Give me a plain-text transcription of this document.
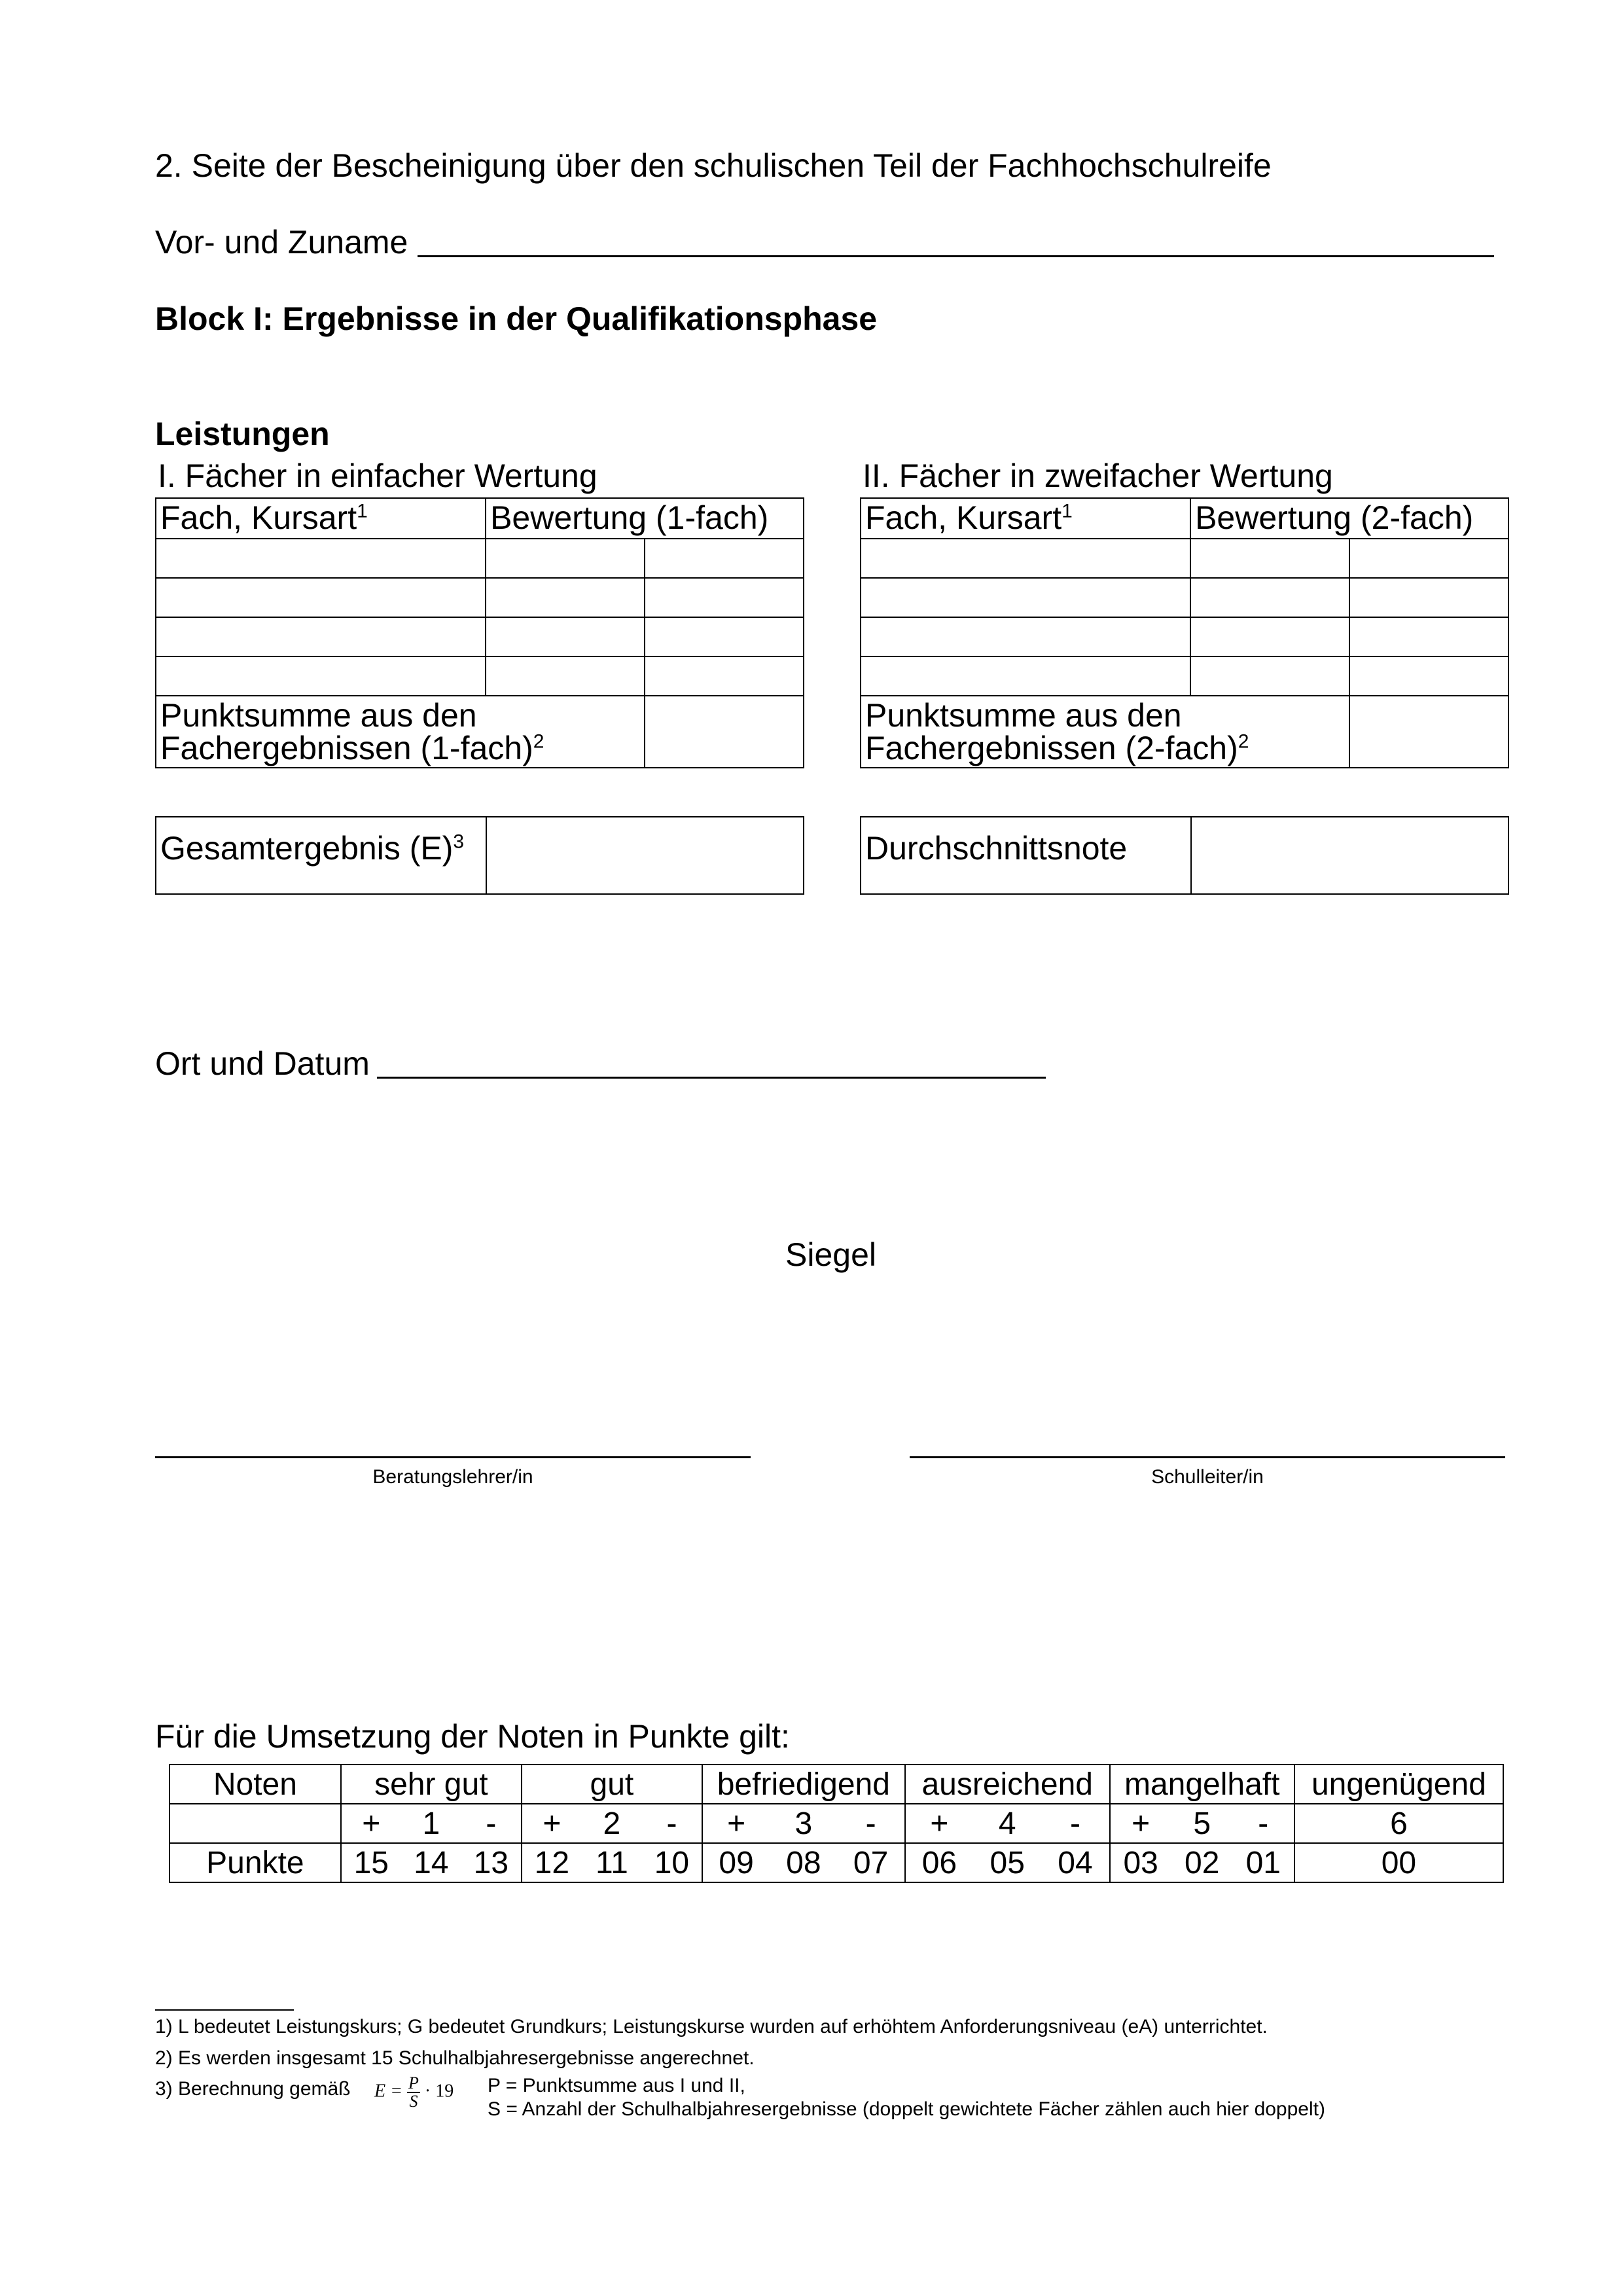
2. Seite der Bescheinigung über den schulischen Teil der Fachhochschulreife
Vor- und Zuname
Block I: Ergebnisse in der Qualifikationsphase
Leistungen
I. Fächer in einfacher Wertung
Fach, Kursart$^1$	Bewertung (1-fach)	

Punktsumme aus den
Fachergebnissen (1-fach)$^2$	
II. Fächer in zweifacher Wertung
Fach, Kursart$^1$	Bewertung (2-fach)	

Punktsumme aus den
Fachergebnissen (2-fach)$^2$	
Gesamtergebnis $(E)^3$		Durchschnittsnote	
Ort und Datum
Siegel
Beratungslehrer/in	Schulleiter/in
Für die Umsetzung der Noten in Punkte gilt:
Noten	sehr gut			gut			befriedigend			ausreichend			mangelhaft			ungenügend
	+	1	-	+	2	-	+	3	-	+	4	-	+	5	-	6
Punkte	15	14	13	12	11	10	09	08	07	06	05	04	03	02	01	00
1) L bedeutet Leistungskurs; G bedeutet Grundkurs; Leistungskurse wurden auf erhöhtem Anforderungsniveau (eA) unterrichtet.
2) Es werden insgesamt 15 Schulhalbjahresergebnisse angerechnet.
3) Berechnung gemäß $E = \frac{P}{S} \cdot 19$ P = Punktsumme aus I und II,
S = Anzahl der Schulhalbjahresergebnisse (doppelt gewichtete Fächer zählen auch hier doppelt)
